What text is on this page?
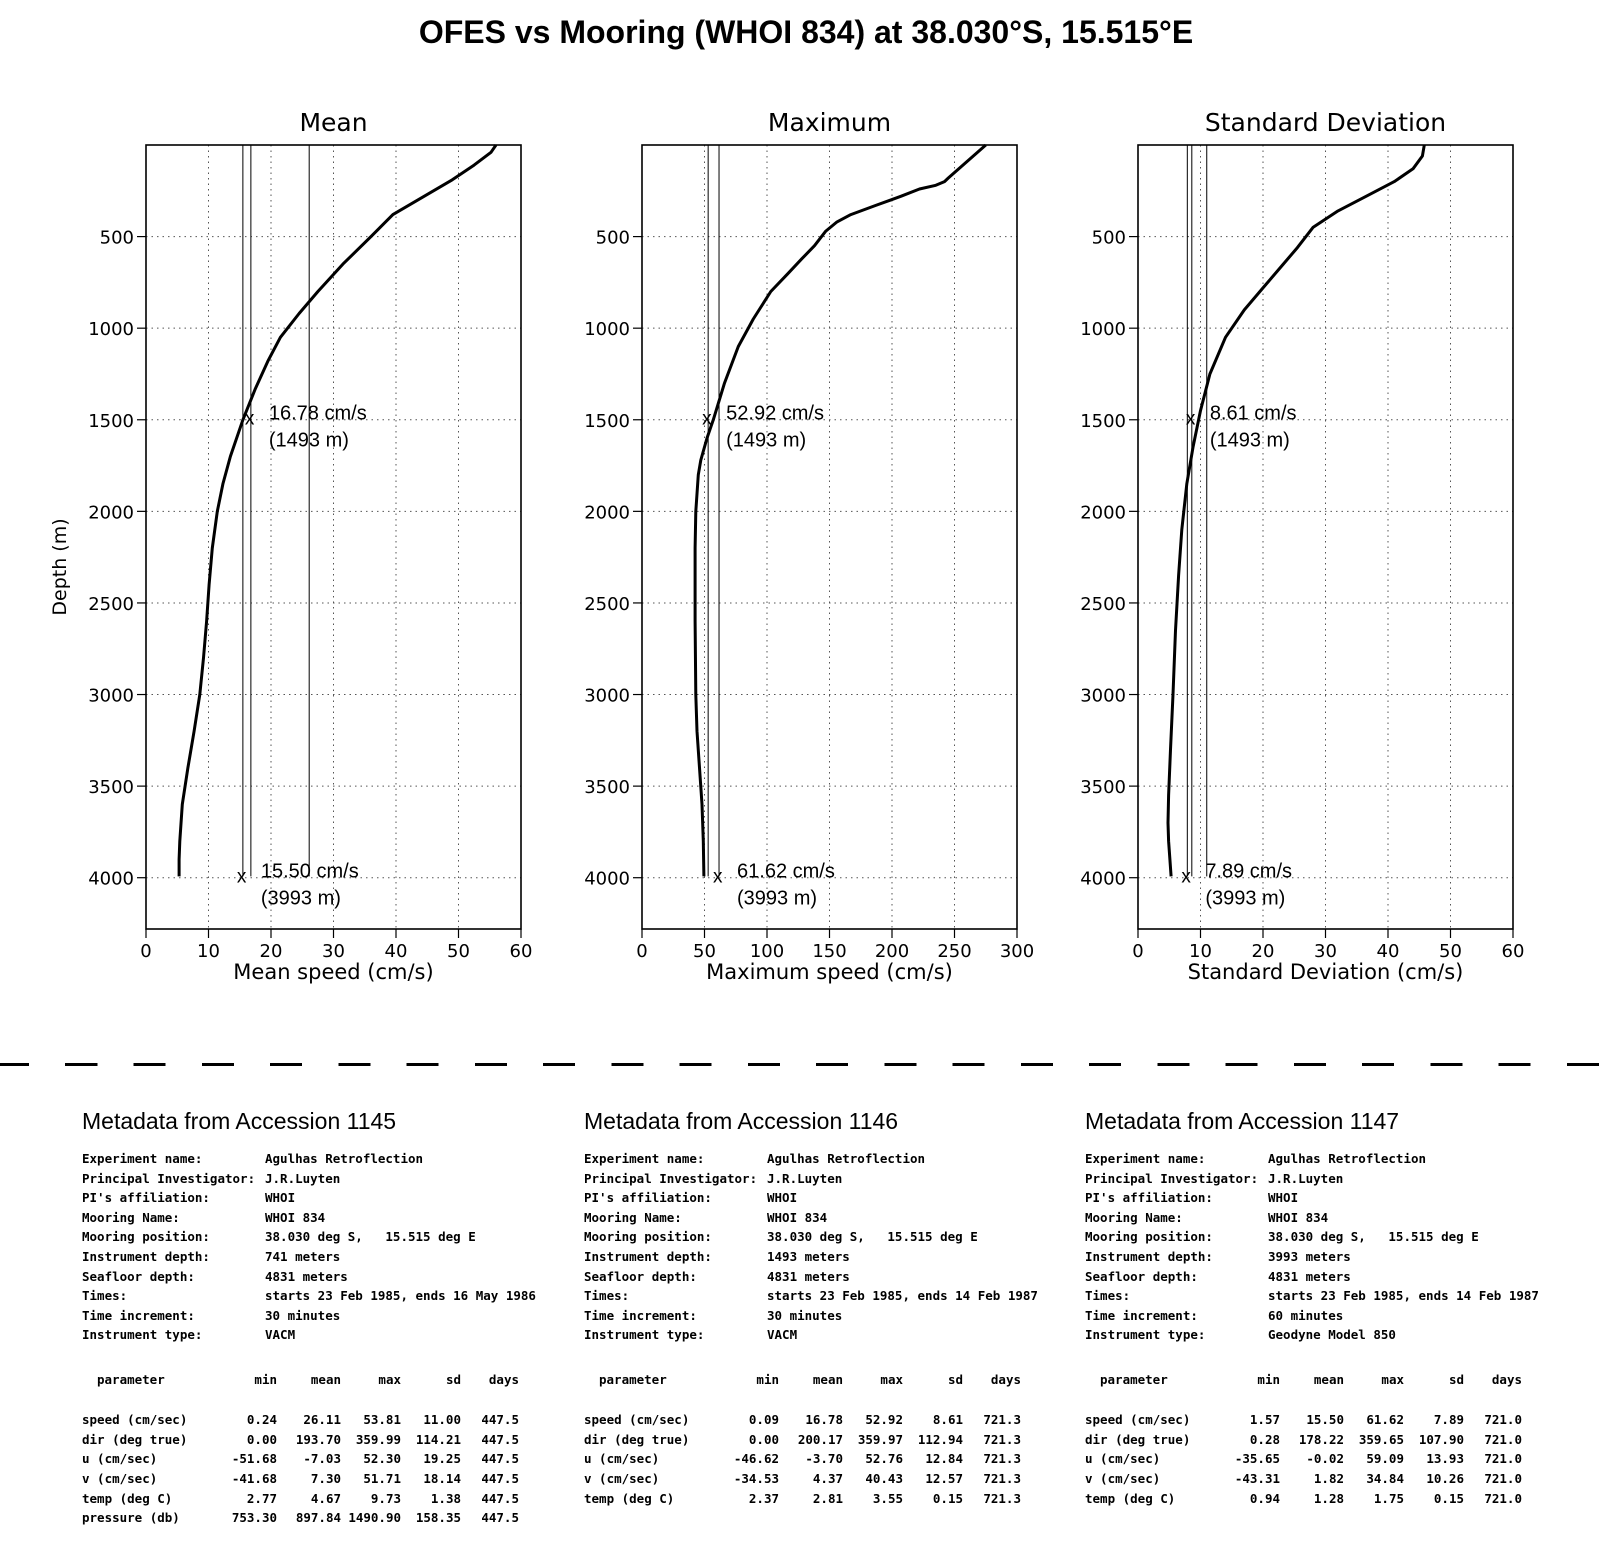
OFES vs Mooring (WHOI 834) at 38.030°S, 15.515°E
0	10 20 30 40 50 60
500
1000
1500
2000
2500
3000
3500
4000
Mean
Mean speed (cm/s)
Depth (m)
x 16.78 cm/s
(1493 m)
x 15.50 cm/s
(3993 m)
0	50 100 150 200 250 300
500
1000
1500
2000
2500
3000
3500
4000
Maximum
Maximum speed (cm/s)
x 52.92 cm/s
(1493 m)
x 61.62 cm/s
(3993 m)
0	10 20 30 40 50 60
500
1000
1500
2000
2500
3000
3500
4000
Standard Deviation
Standard Deviation (cm/s)
x 8.61 cm/s
(1493 m)
x 7.89 cm/s
(3993 m)
Metadata from Accession 1145
Experiment name:	Agulhas Retroflection
Principal Investigator: J.R.Luyten
PI's affiliation:	WHOI
Mooring Name:	WHOI 834
Mooring position:	38.030 deg S,   15.515 deg E
Instrument depth:	741 meters
Seafloor depth:	4831 meters
Times:	starts 23 Feb 1985, ends 16 May 1986
Time increment:	30 minutes
Instrument type:	VACM
parameter	min	mean	max	sd	days
speed (cm/sec)	0.24	26.11	53.81	11.00	447.5
dir (deg true)	0.00	193.70	359.99	114.21	447.5
u (cm/sec)	-51.68	-7.03	52.30	19.25	447.5
v (cm/sec)	-41.68	7.30	51.71	18.14	447.5
temp (deg C)	2.77	4.67	9.73	1.38	447.5
pressure (db)	753.30	897.84	1490.90	158.35	447.5
Metadata from Accession 1146
Experiment name:	Agulhas Retroflection
Principal Investigator: J.R.Luyten
PI's affiliation:	WHOI
Mooring Name:	WHOI 834
Mooring position:	38.030 deg S,   15.515 deg E
Instrument depth:	1493 meters
Seafloor depth:	4831 meters
Times:	starts 23 Feb 1985, ends 14 Feb 1987
Time increment:	30 minutes
Instrument type:	VACM
parameter	min	mean	max	sd	days
speed (cm/sec)	0.09	16.78	52.92	8.61	721.3
dir (deg true)	0.00	200.17	359.97	112.94	721.3
u (cm/sec)	-46.62	-3.70	52.76	12.84	721.3
v (cm/sec)	-34.53	4.37	40.43	12.57	721.3
temp (deg C)	2.37	2.81	3.55	0.15	721.3
Metadata from Accession 1147
Experiment name:	Agulhas Retroflection
Principal Investigator: J.R.Luyten
PI's affiliation:	WHOI
Mooring Name:	WHOI 834
Mooring position:	38.030 deg S,   15.515 deg E
Instrument depth:	3993 meters
Seafloor depth:	4831 meters
Times:	starts 23 Feb 1985, ends 14 Feb 1987
Time increment:	60 minutes
Instrument type:	Geodyne Model 850
parameter	min	mean	max	sd	days
speed (cm/sec)	1.57	15.50	61.62	7.89	721.0
dir (deg true)	0.28	178.22	359.65	107.90	721.0
u (cm/sec)	-35.65	-0.02	59.09	13.93	721.0
v (cm/sec)	-43.31	1.82	34.84	10.26	721.0
temp (deg C)	0.94	1.28	1.75	0.15	721.0
